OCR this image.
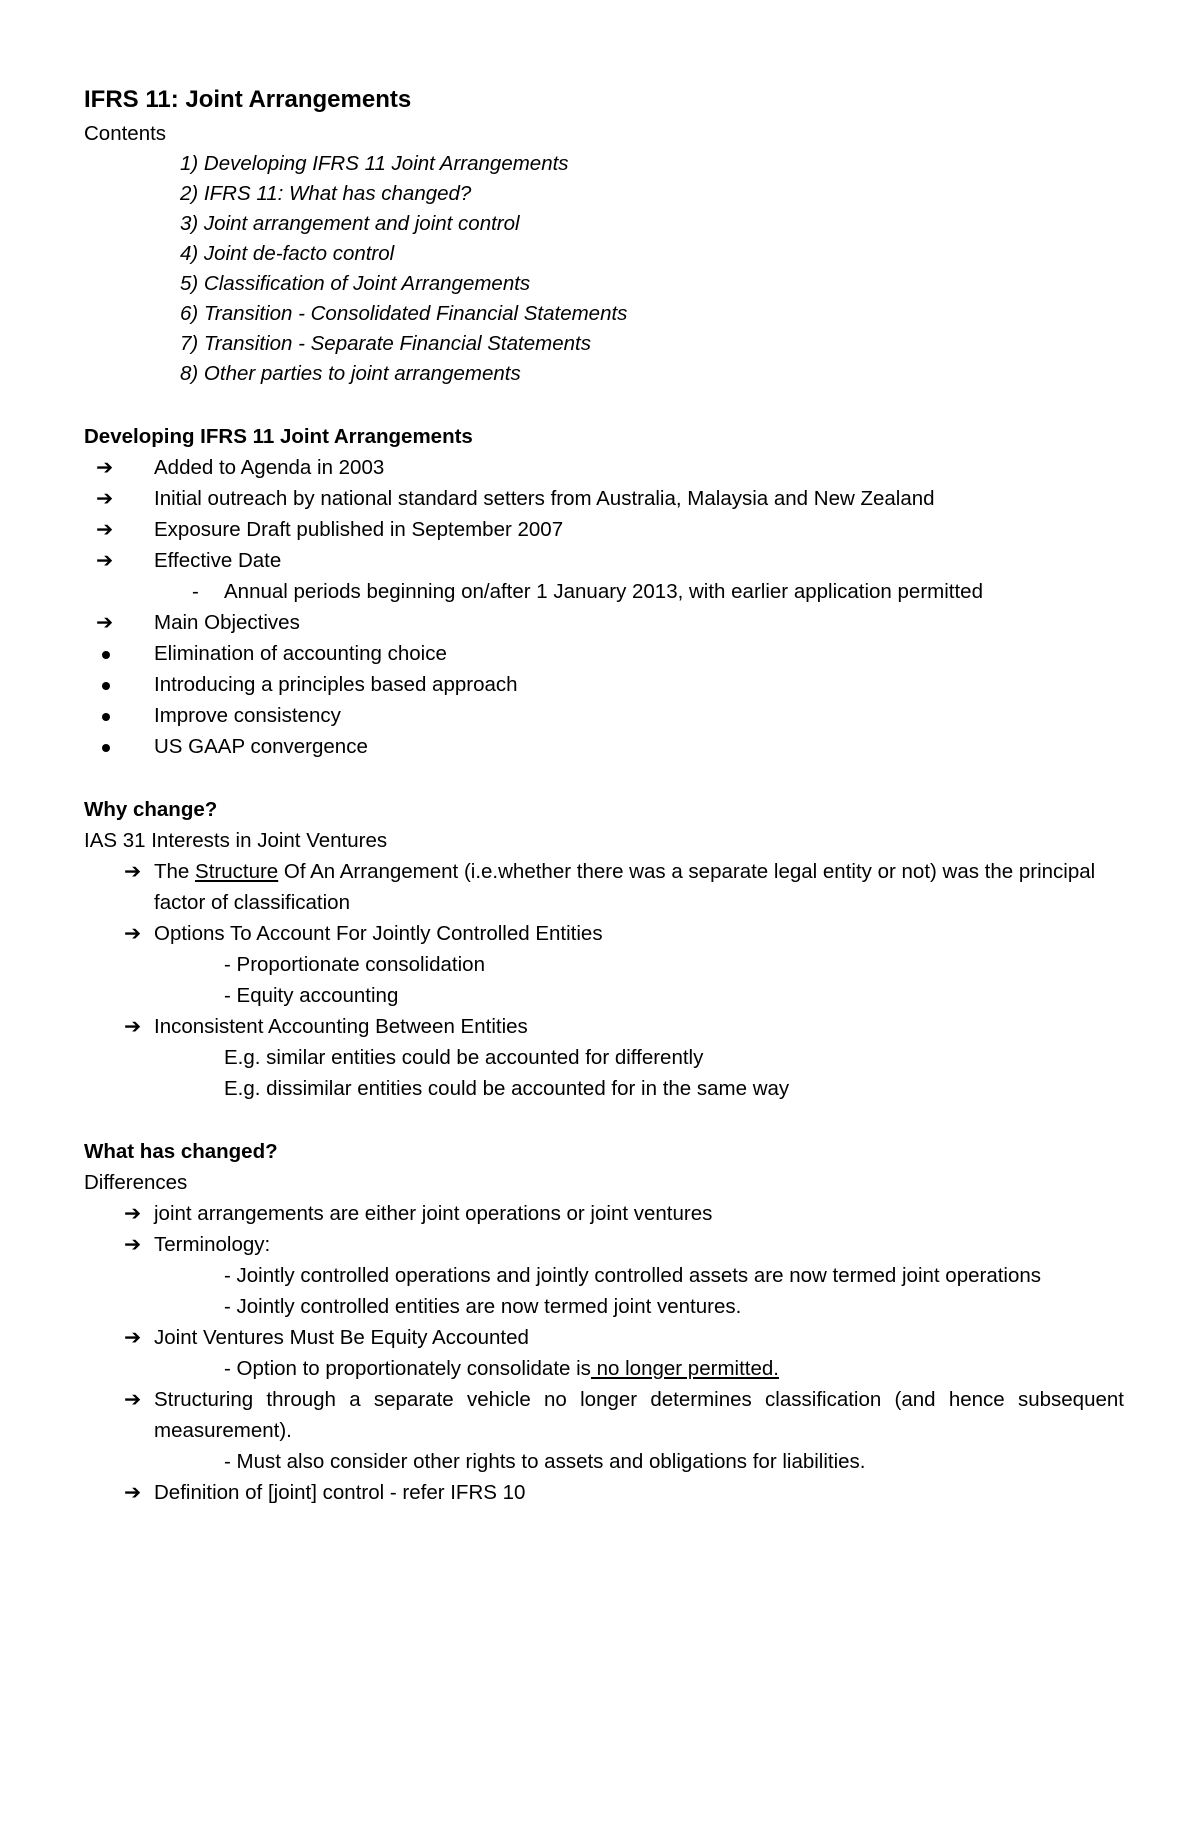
IFRS 11: Joint Arrangements
Contents
1) Developing IFRS 11 Joint Arrangements
2) IFRS 11: What has changed?
3) Joint arrangement and joint control
4) Joint de-facto control
5) Classification of Joint Arrangements
6) Transition - Consolidated Financial Statements
7) Transition - Separate Financial Statements
8) Other parties to joint arrangements
Developing IFRS 11 Joint Arrangements
➔	Added to Agenda in 2003
➔	Initial outreach by national standard setters from Australia, Malaysia and New Zealand
➔	Exposure Draft published in September 2007
➔	Effective Date
-	Annual periods beginning on/after 1 January 2013, with earlier application permitted
➔	Main Objectives
Elimination of accounting choice
Introducing a principles based approach
Improve consistency
US GAAP convergence
Why change?
IAS 31 Interests in Joint Ventures
➔ The Structure Of An Arrangement (i.e.whether there was a separate legal entity or not) was the principal factor of classification
➔ Options To Account For Jointly Controlled Entities
- Proportionate consolidation
- Equity accounting
➔ Inconsistent Accounting Between Entities
E.g. similar entities could be accounted for differently
E.g. dissimilar entities could be accounted for in the same way
What has changed?
Differences
➔ joint arrangements are either joint operations or joint ventures
➔ Terminology:
- Jointly controlled operations and jointly controlled assets are now termed joint operations
- Jointly controlled entities are now termed joint ventures.
➔ Joint Ventures Must Be Equity Accounted
- Option to proportionately consolidate is no longer permitted.
➔ Structuring through a separate vehicle no longer determines classification (and hence subsequent measurement).
- Must also consider other rights to assets and obligations for liabilities.
➔ Definition of [joint] control - refer IFRS 10
